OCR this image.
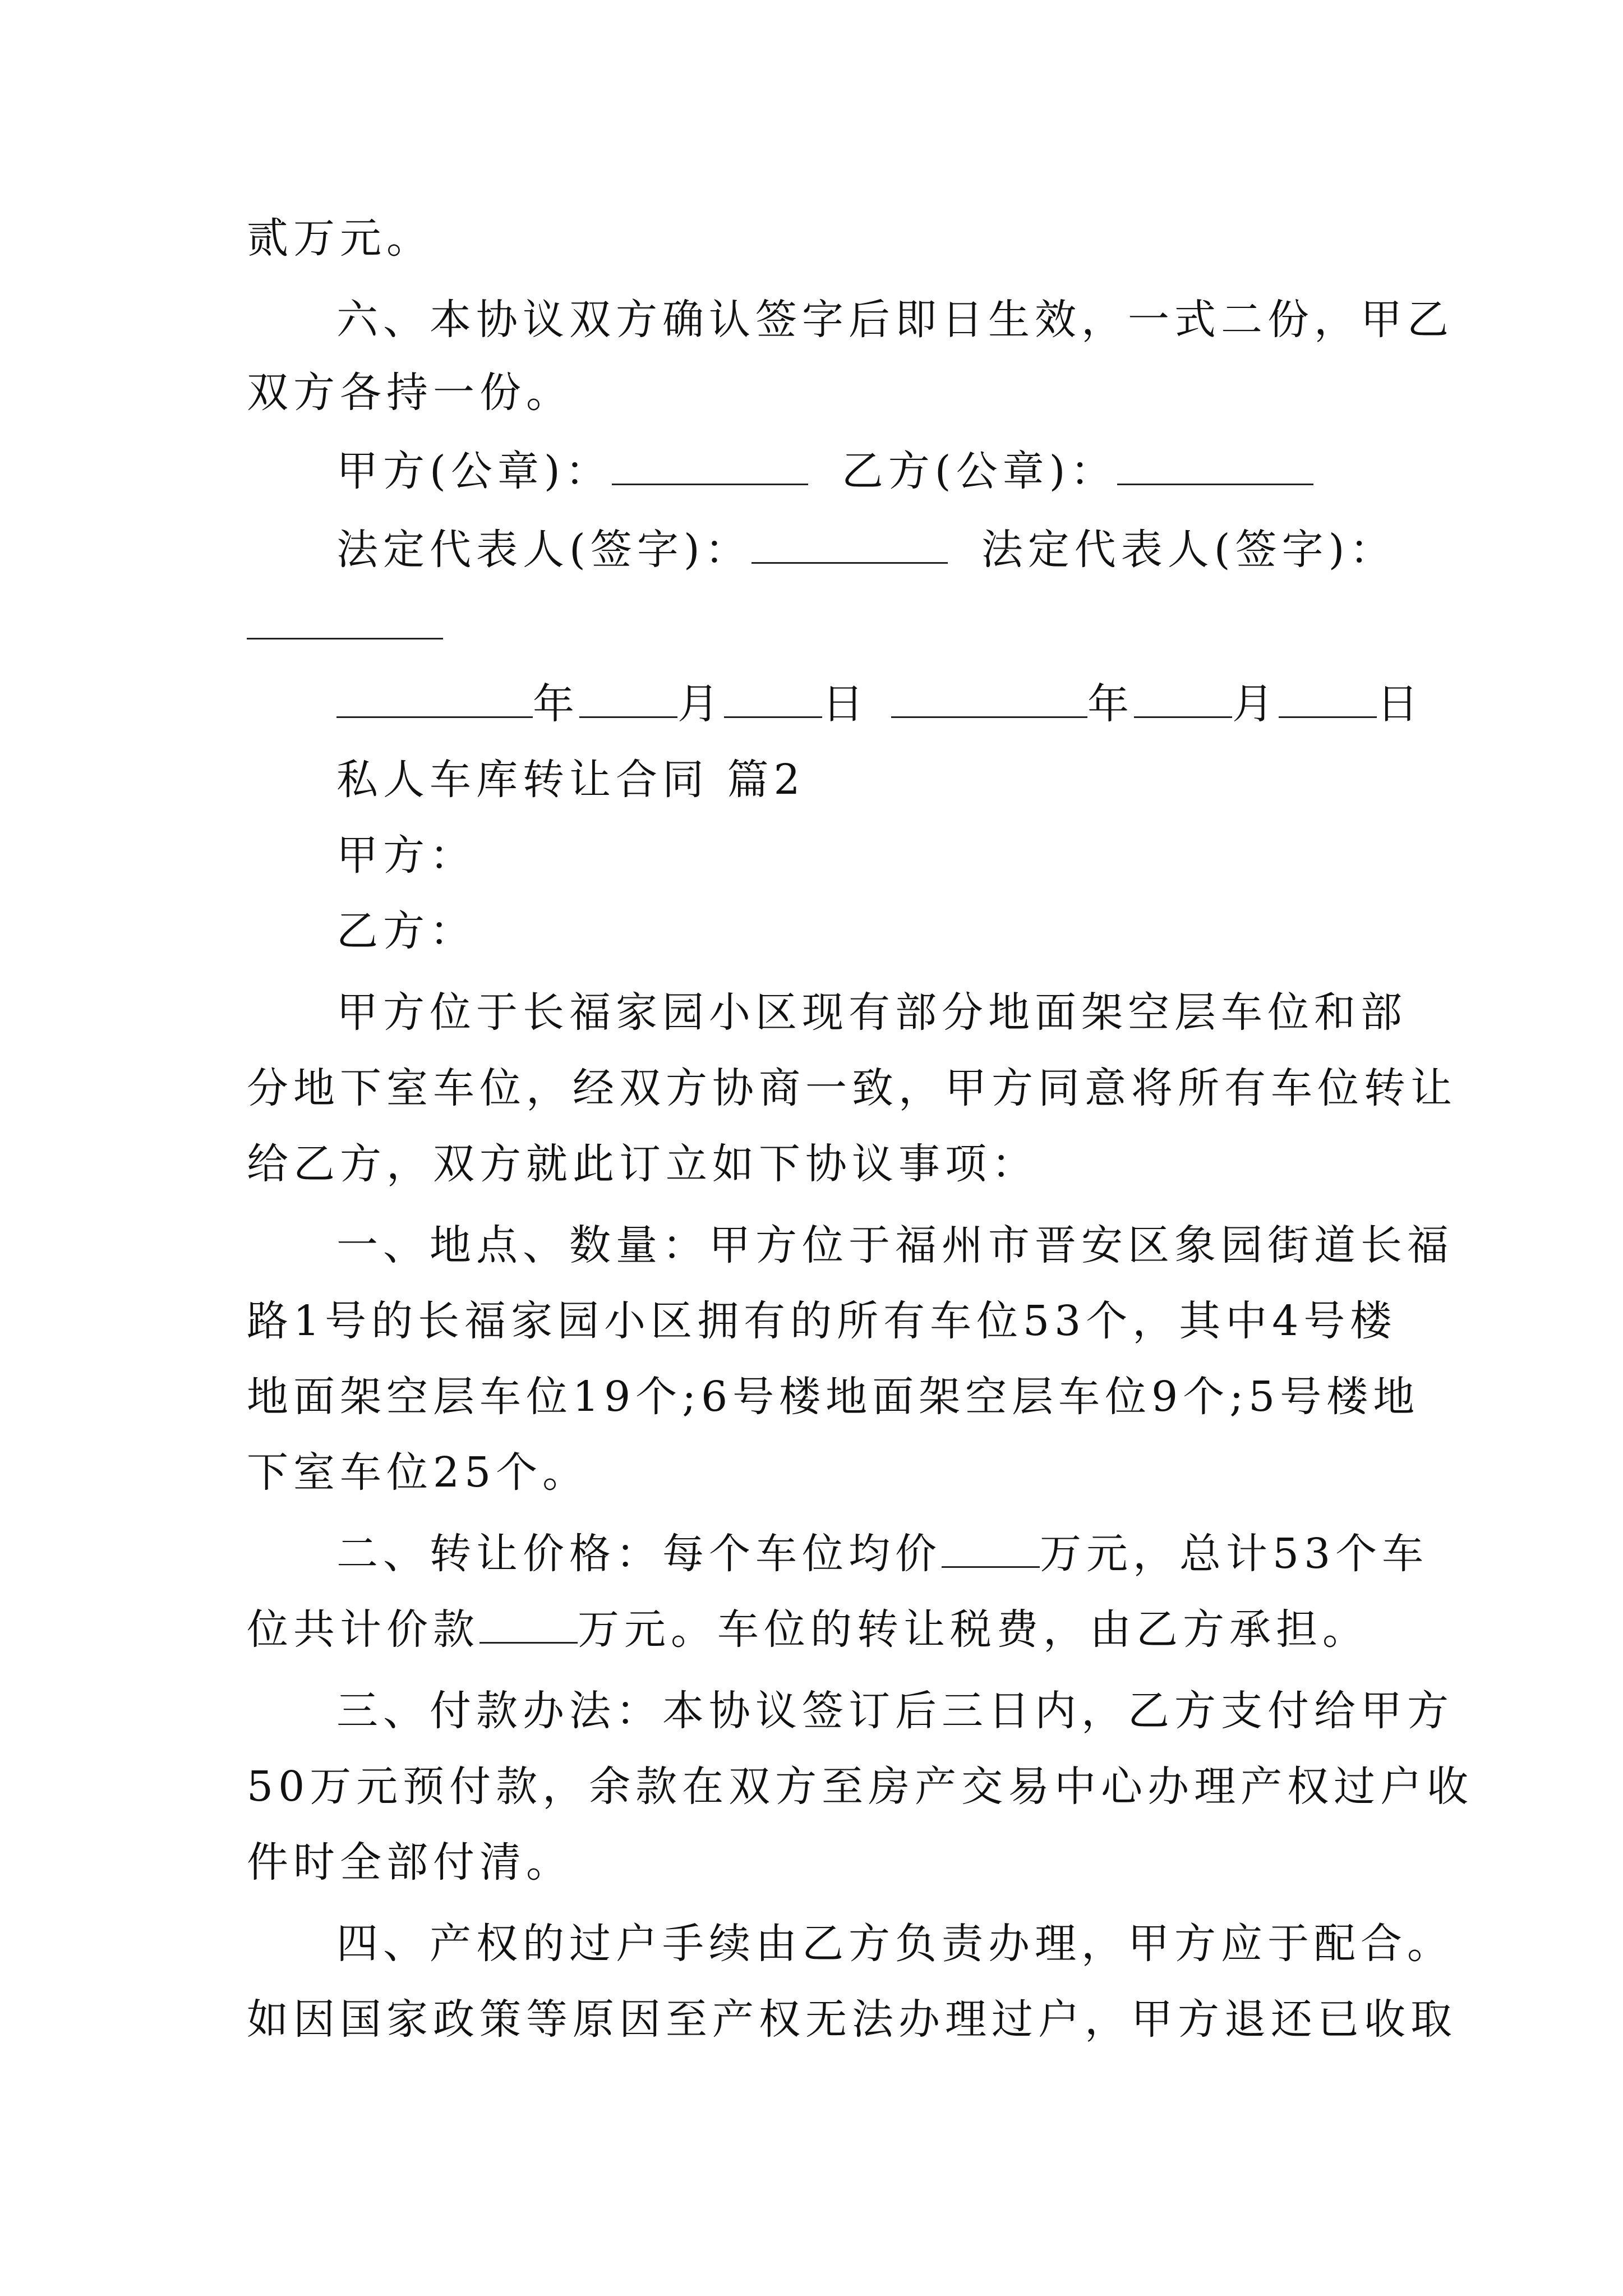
贰万元。
六、本协议双方确认签字后即日生效，一式二份，甲乙
双方各持一份。
甲方(公章)：	乙方(公章)：
法定代表人(签字)：	法定代表人(签字)：
年 月 日	年 月 日
私人车库转让合同 篇2
甲方：
乙方：
甲方位于长福家园小区现有部分地面架空层车位和部
分地下室车位，经双方协商一致，甲方同意将所有车位转让
给乙方，双方就此订立如下协议事项：
一、地点、数量：甲方位于福州市晋安区象园街道长福
路1号的长福家园小区拥有的所有车位53个，其中4号楼
地面架空层车位19个;6号楼地面架空层车位9个;5号楼地
下室车位25个。
二、转让价格：每个车位均价 万元，总计53个车
位共计价款 万元。车位的转让税费，由乙方承担。
三、付款办法：本协议签订后三日内，乙方支付给甲方
50万元预付款，余款在双方至房产交易中心办理产权过户收
件时全部付清。
四、产权的过户手续由乙方负责办理，甲方应于配合。
如因国家政策等原因至产权无法办理过户，甲方退还已收取
